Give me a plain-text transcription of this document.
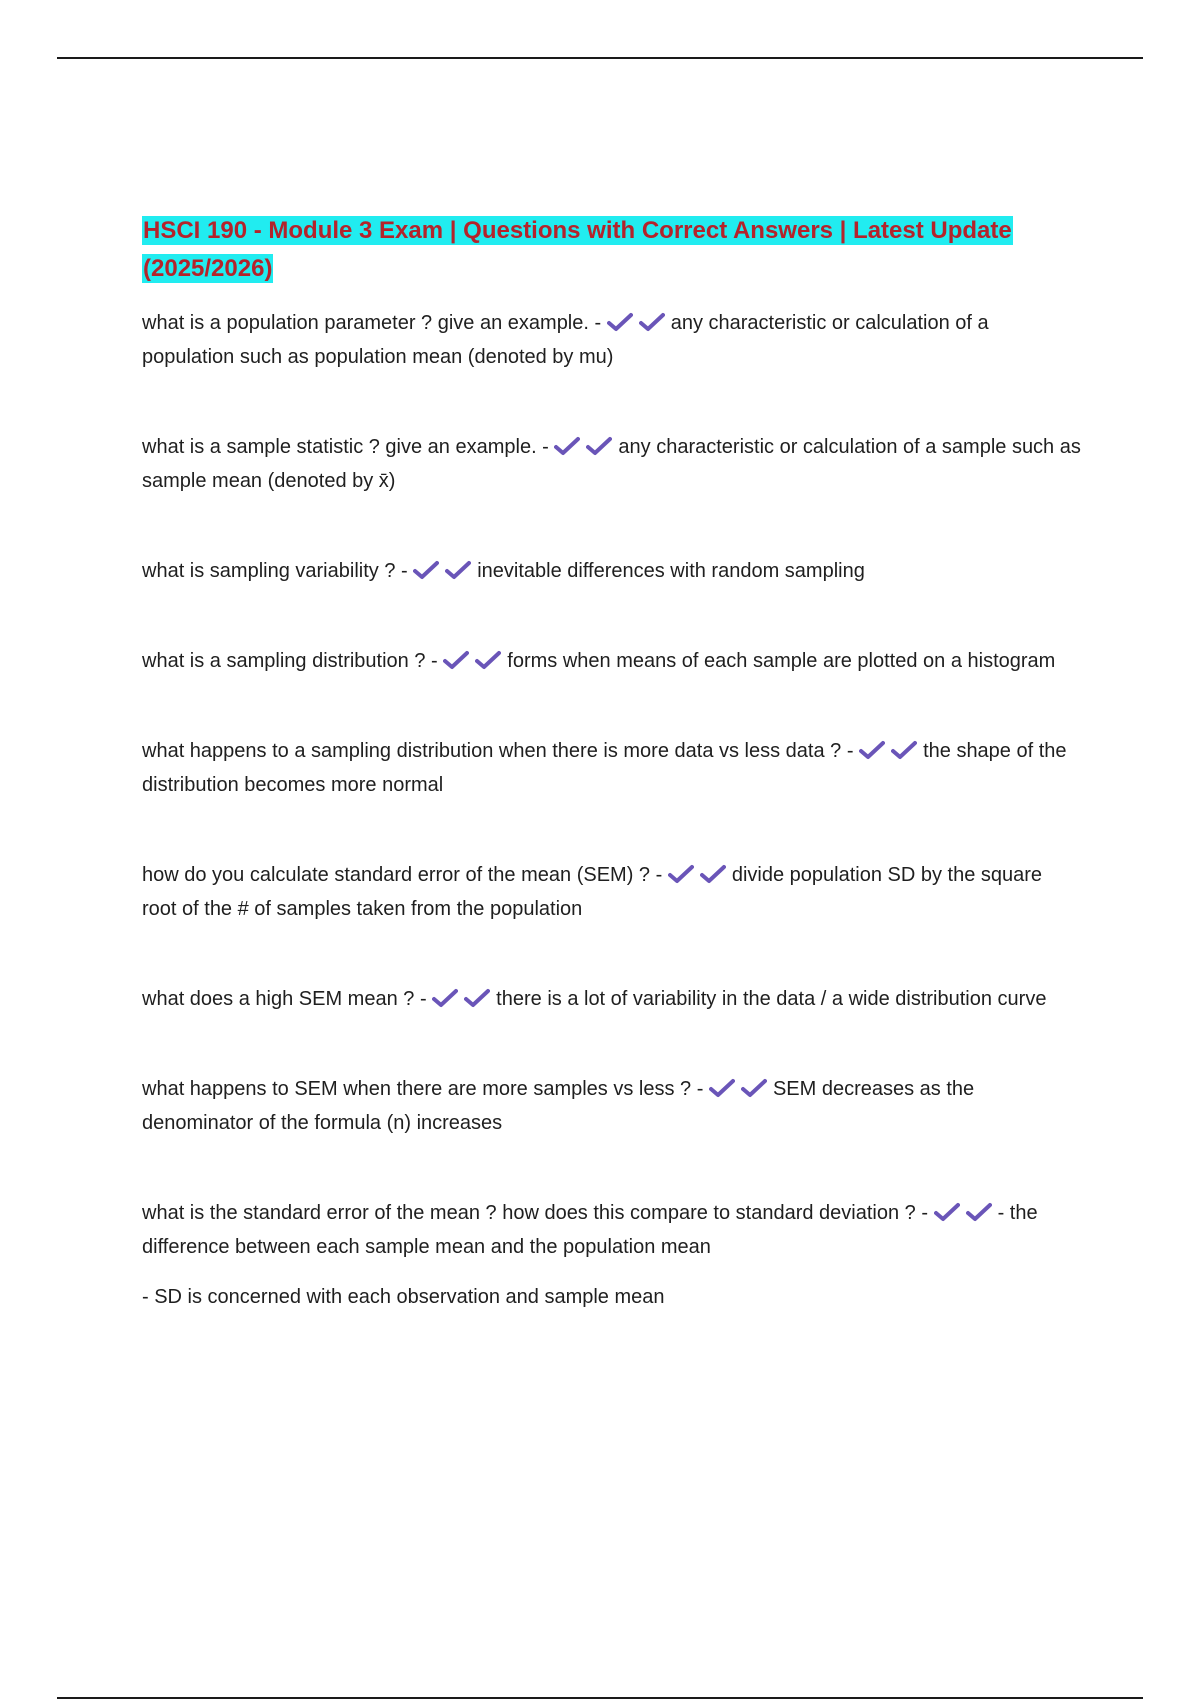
HSCI 190 - Module 3 Exam | Questions with Correct Answers | Latest Update (2025/2026)

what is a population parameter ? give an example. -	any characteristic or calculation of a population such as population mean (denoted by mu)

what is a sample statistic ? give an example. -	any characteristic or calculation of a sample such as sample mean (denoted by x̄)

what is sampling variability ? -	inevitable differences with random sampling

what is a sampling distribution ? -	forms when means of each sample are plotted on a histogram

what happens to a sampling distribution when there is more data vs less data ? -	the shape of the distribution becomes more normal

how do you calculate standard error of the mean (SEM) ? -	divide population SD by the square root of the # of samples taken from the population

what does a high SEM mean ? -	there is a lot of variability in the data / a wide distribution curve

what happens to SEM when there are more samples vs less ? -	SEM decreases as the denominator of the formula (n) increases

what is the standard error of the mean ? how does this compare to standard deviation ? -	- the difference between each sample mean and the population mean

- SD is concerned with each observation and sample mean
